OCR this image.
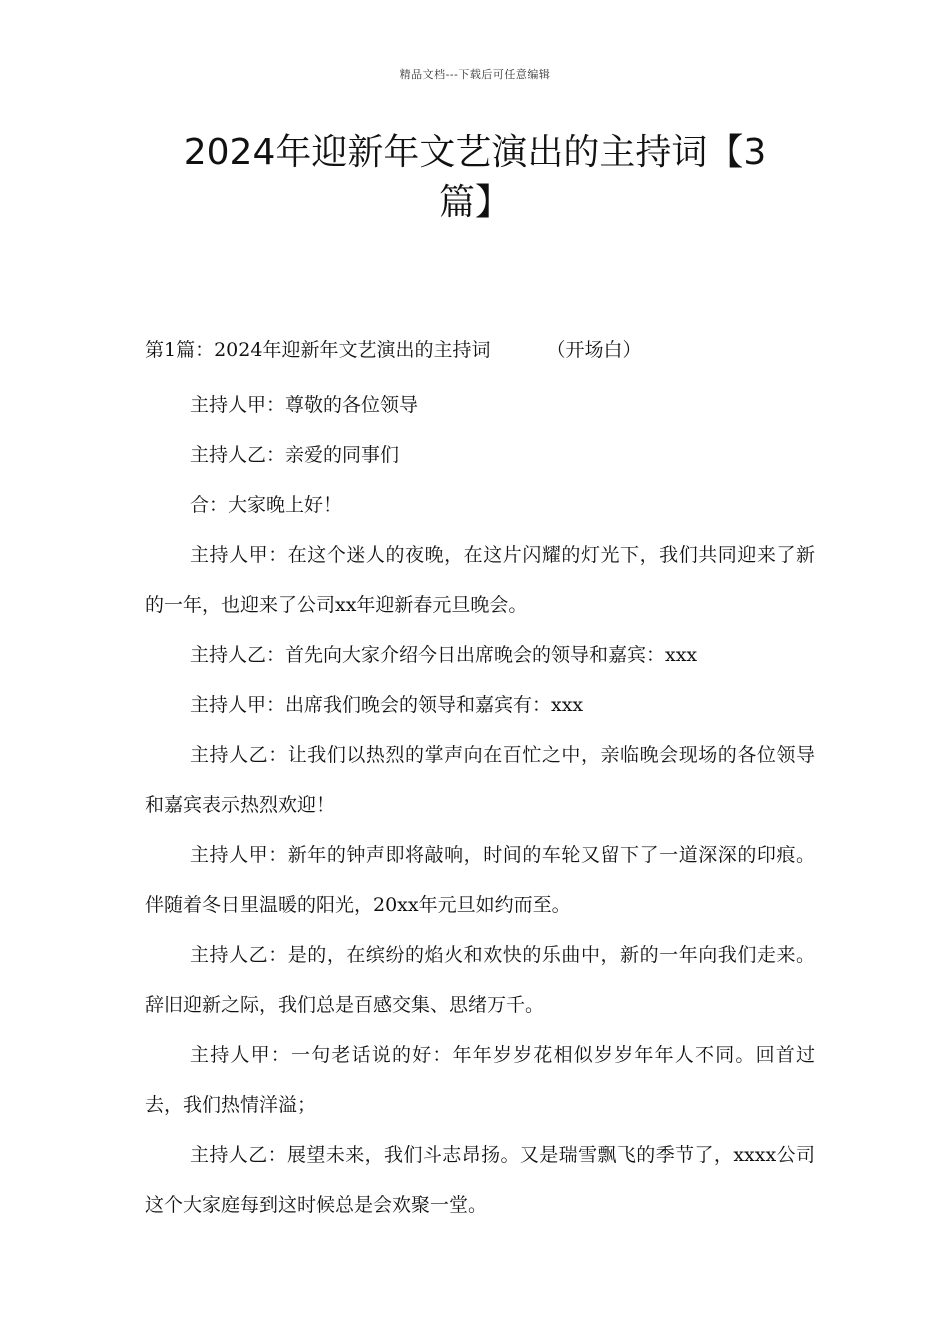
精品文档---下载后可任意编辑
2024年迎新年文艺演出的主持词【3
篇】
第1篇：2024年迎新年文艺演出的主持词	（开场白）

主持人甲：尊敬的各位领导

主持人乙：亲爱的同事们

合：大家晚上好！

主持人甲：在这个迷人的夜晚，在这片闪耀的灯光下，我们共同迎来了新的一年，也迎来了公司xx年迎新春元旦晚会。

主持人乙：首先向大家介绍今日出席晚会的领导和嘉宾：xxx

主持人甲：出席我们晚会的领导和嘉宾有：xxx

主持人乙：让我们以热烈的掌声向在百忙之中，亲临晚会现场的各位领导和嘉宾表示热烈欢迎！

主持人甲：新年的钟声即将敲响，时间的车轮又留下了一道深深的印痕。伴随着冬日里温暖的阳光，20xx年元旦如约而至。

主持人乙：是的，在缤纷的焰火和欢快的乐曲中，新的一年向我们走来。辞旧迎新之际，我们总是百感交集、思绪万千。

主持人甲：一句老话说的好：年年岁岁花相似岁岁年年人不同。回首过去，我们热情洋溢；

主持人乙：展望未来，我们斗志昂扬。又是瑞雪飘飞的季节了，xxxx公司这个大家庭每到这时候总是会欢聚一堂。
